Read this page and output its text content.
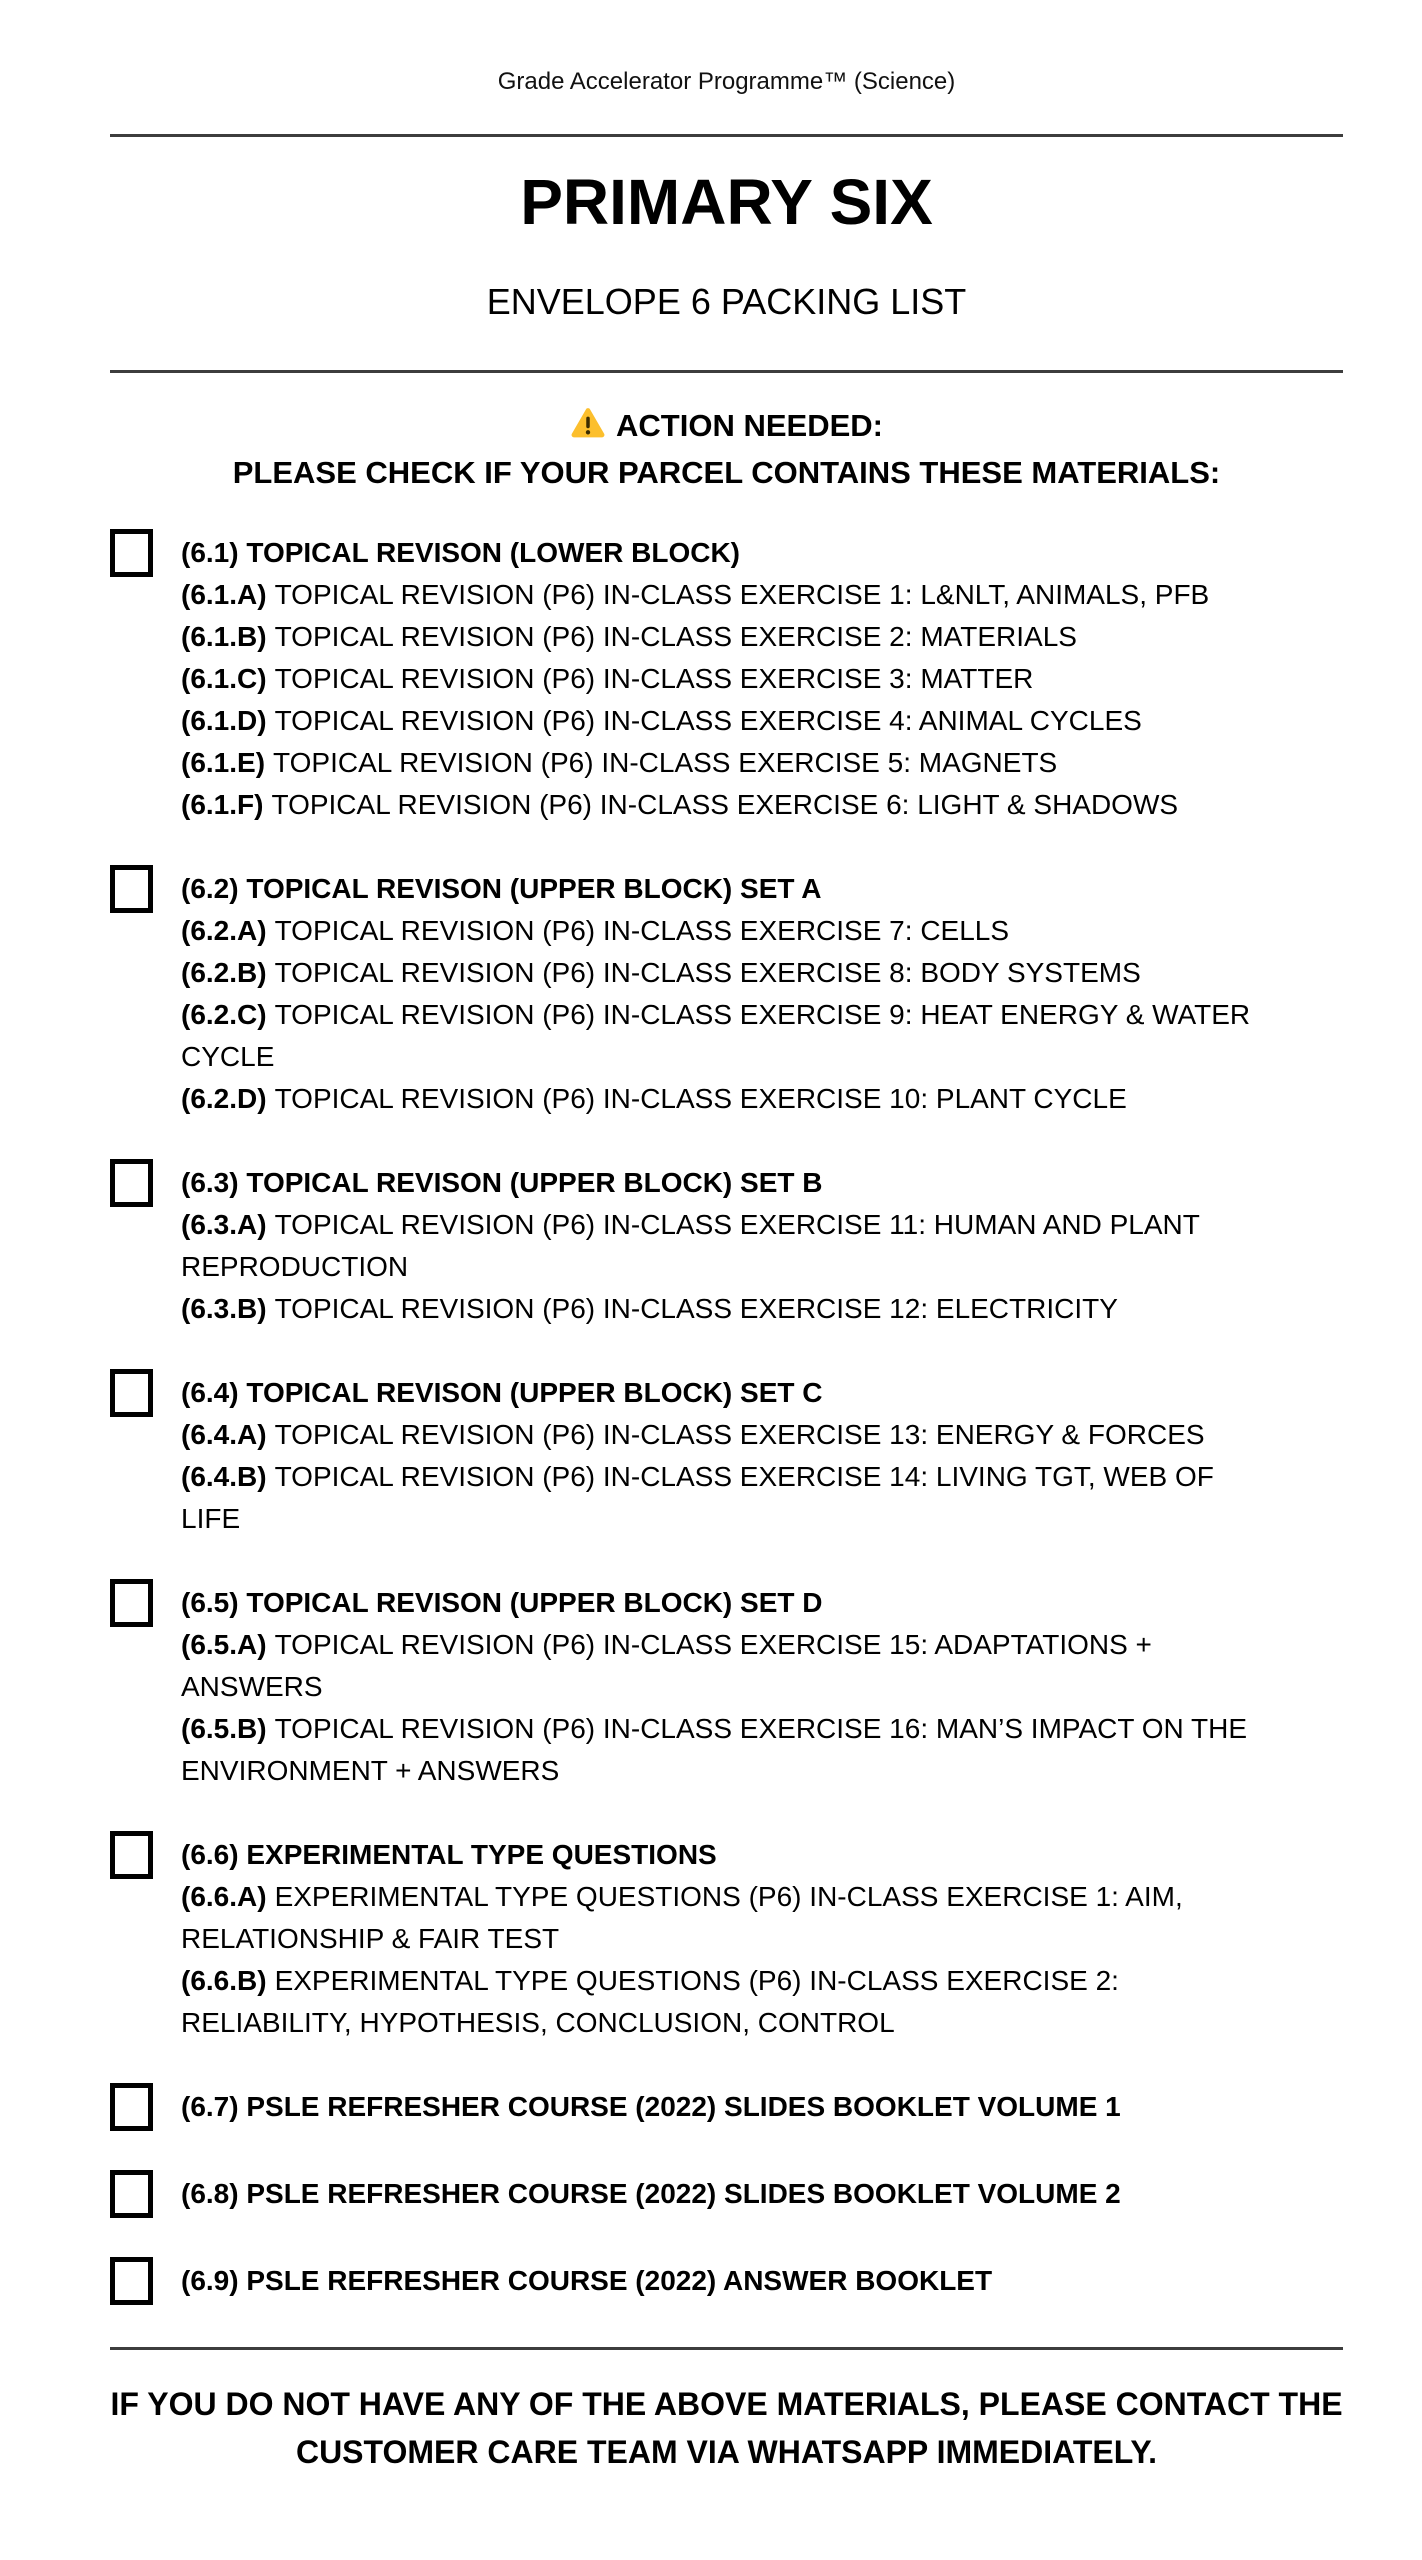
Grade Accelerator Programme™ (Science)
PRIMARY SIX
ENVELOPE 6 PACKING LIST
ACTION NEEDED:
PLEASE CHECK IF YOUR PARCEL CONTAINS THESE MATERIALS:

(6.1) TOPICAL REVISON (LOWER BLOCK)

(6.1.A) TOPICAL REVISION (P6) IN-CLASS EXERCISE 1: L&NLT, ANIMALS, PFB

(6.1.B) TOPICAL REVISION (P6) IN-CLASS EXERCISE 2: MATERIALS

(6.1.C) TOPICAL REVISION (P6) IN-CLASS EXERCISE 3: MATTER

(6.1.D) TOPICAL REVISION (P6) IN-CLASS EXERCISE 4: ANIMAL CYCLES

(6.1.E) TOPICAL REVISION (P6) IN-CLASS EXERCISE 5: MAGNETS

(6.1.F) TOPICAL REVISION (P6) IN-CLASS EXERCISE 6: LIGHT & SHADOWS

(6.2) TOPICAL REVISON (UPPER BLOCK) SET A

(6.2.A) TOPICAL REVISION (P6) IN-CLASS EXERCISE 7: CELLS

(6.2.B) TOPICAL REVISION (P6) IN-CLASS EXERCISE 8: BODY SYSTEMS

(6.2.C) TOPICAL REVISION (P6) IN-CLASS EXERCISE 9: HEAT ENERGY & WATER CYCLE

(6.2.D) TOPICAL REVISION (P6) IN-CLASS EXERCISE 10: PLANT CYCLE

(6.3) TOPICAL REVISON (UPPER BLOCK) SET B

(6.3.A) TOPICAL REVISION (P6) IN-CLASS EXERCISE 11: HUMAN AND PLANT REPRODUCTION

(6.3.B) TOPICAL REVISION (P6) IN-CLASS EXERCISE 12: ELECTRICITY

(6.4) TOPICAL REVISON (UPPER BLOCK) SET C

(6.4.A) TOPICAL REVISION (P6) IN-CLASS EXERCISE 13: ENERGY & FORCES

(6.4.B) TOPICAL REVISION (P6) IN-CLASS EXERCISE 14: LIVING TGT, WEB OF LIFE

(6.5) TOPICAL REVISON (UPPER BLOCK) SET D

(6.5.A) TOPICAL REVISION (P6) IN-CLASS EXERCISE 15: ADAPTATIONS + ANSWERS

(6.5.B) TOPICAL REVISION (P6) IN-CLASS EXERCISE 16: MAN’S IMPACT ON THE ENVIRONMENT + ANSWERS

(6.6) EXPERIMENTAL TYPE QUESTIONS

(6.6.A) EXPERIMENTAL TYPE QUESTIONS (P6) IN-CLASS EXERCISE 1: AIM, RELATIONSHIP & FAIR TEST

(6.6.B) EXPERIMENTAL TYPE QUESTIONS (P6) IN-CLASS EXERCISE 2: RELIABILITY, HYPOTHESIS, CONCLUSION, CONTROL

(6.7) PSLE REFRESHER COURSE (2022) SLIDES BOOKLET VOLUME 1

(6.8) PSLE REFRESHER COURSE (2022) SLIDES BOOKLET VOLUME 2

(6.9) PSLE REFRESHER COURSE (2022) ANSWER BOOKLET

IF YOU DO NOT HAVE ANY OF THE ABOVE MATERIALS, PLEASE CONTACT THE CUSTOMER CARE TEAM VIA WHATSAPP IMMEDIATELY.
